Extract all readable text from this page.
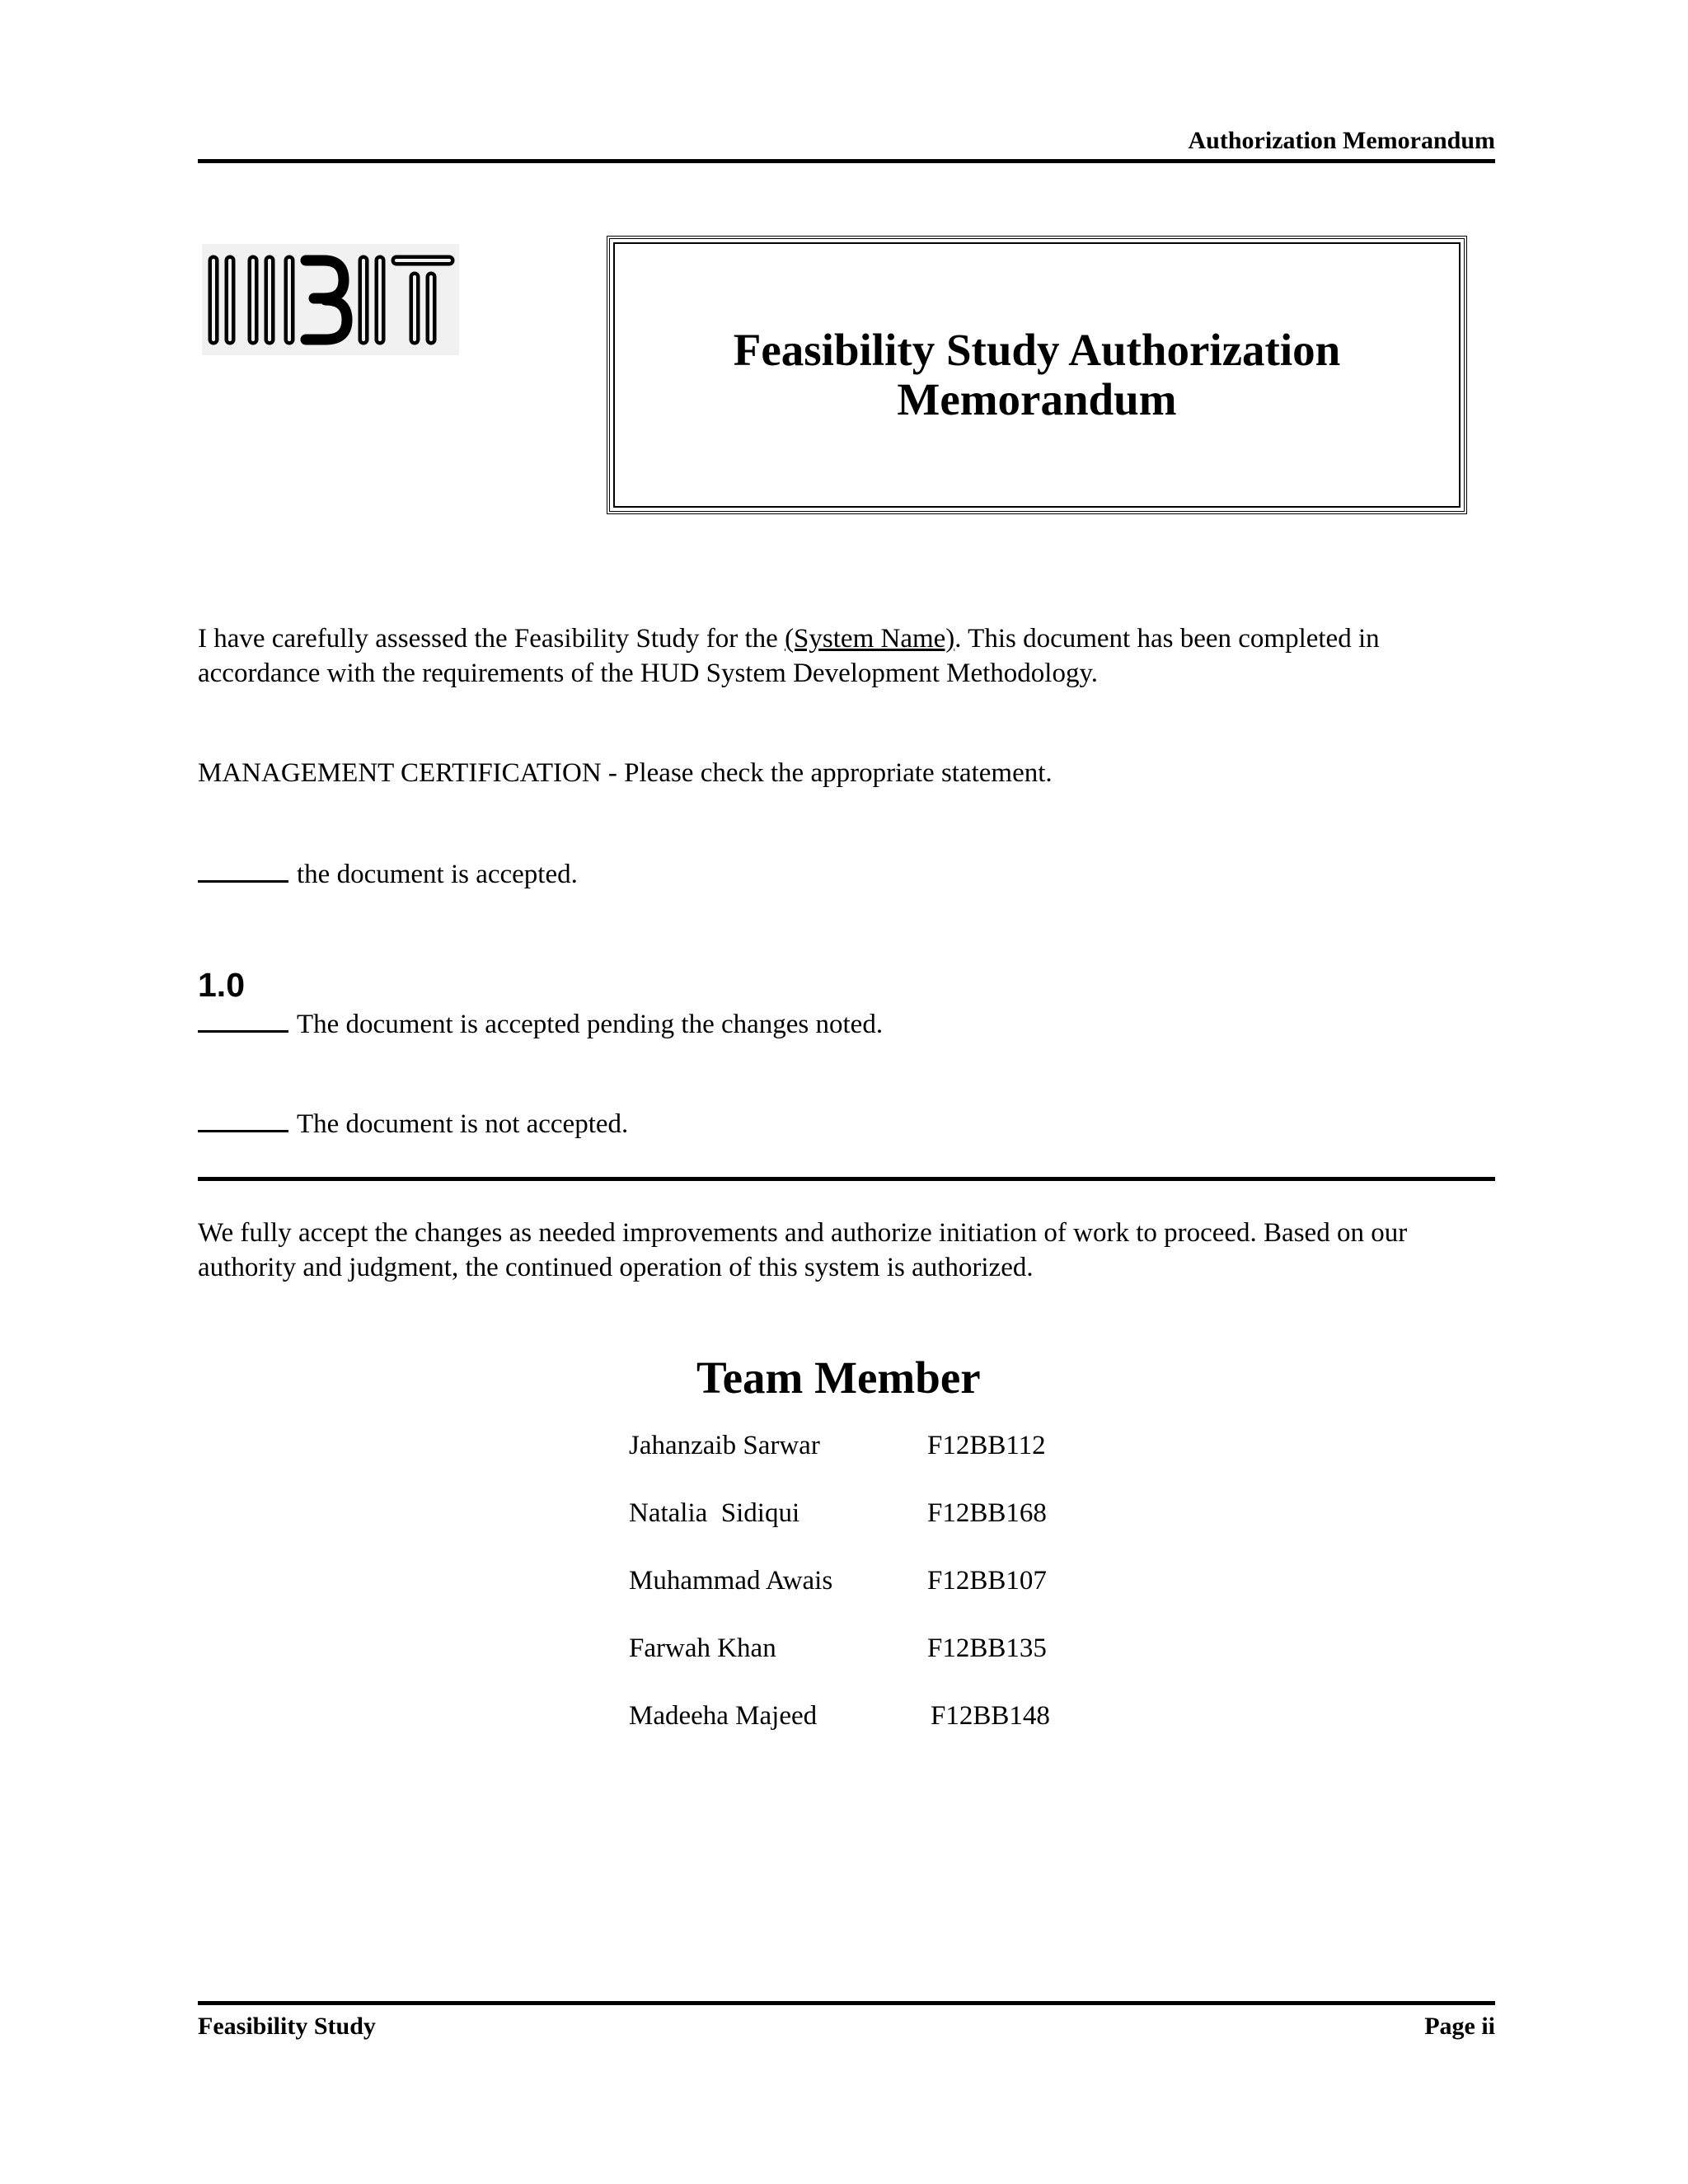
Authorization Memorandum
Feasibility Study Authorization Memorandum
I have carefully assessed the Feasibility Study for the (System Name). This document has been completed in accordance with the requirements of the HUD System Development Methodology.
MANAGEMENT CERTIFICATION - Please check the appropriate statement.
the document is accepted.
1.0
The document is accepted pending the changes noted.
The document is not accepted.
We fully accept the changes as needed improvements and authorize initiation of work to proceed. Based on our authority and judgment, the continued operation of this system is authorized.
Team Member
Jahanzaib Sarwar	F12BB112
Natalia  Sidiqui	F12BB168
Muhammad Awais	F12BB107
Farwah Khan	F12BB135
Madeeha Majeed	F12BB148
Feasibility Study	Page ii
